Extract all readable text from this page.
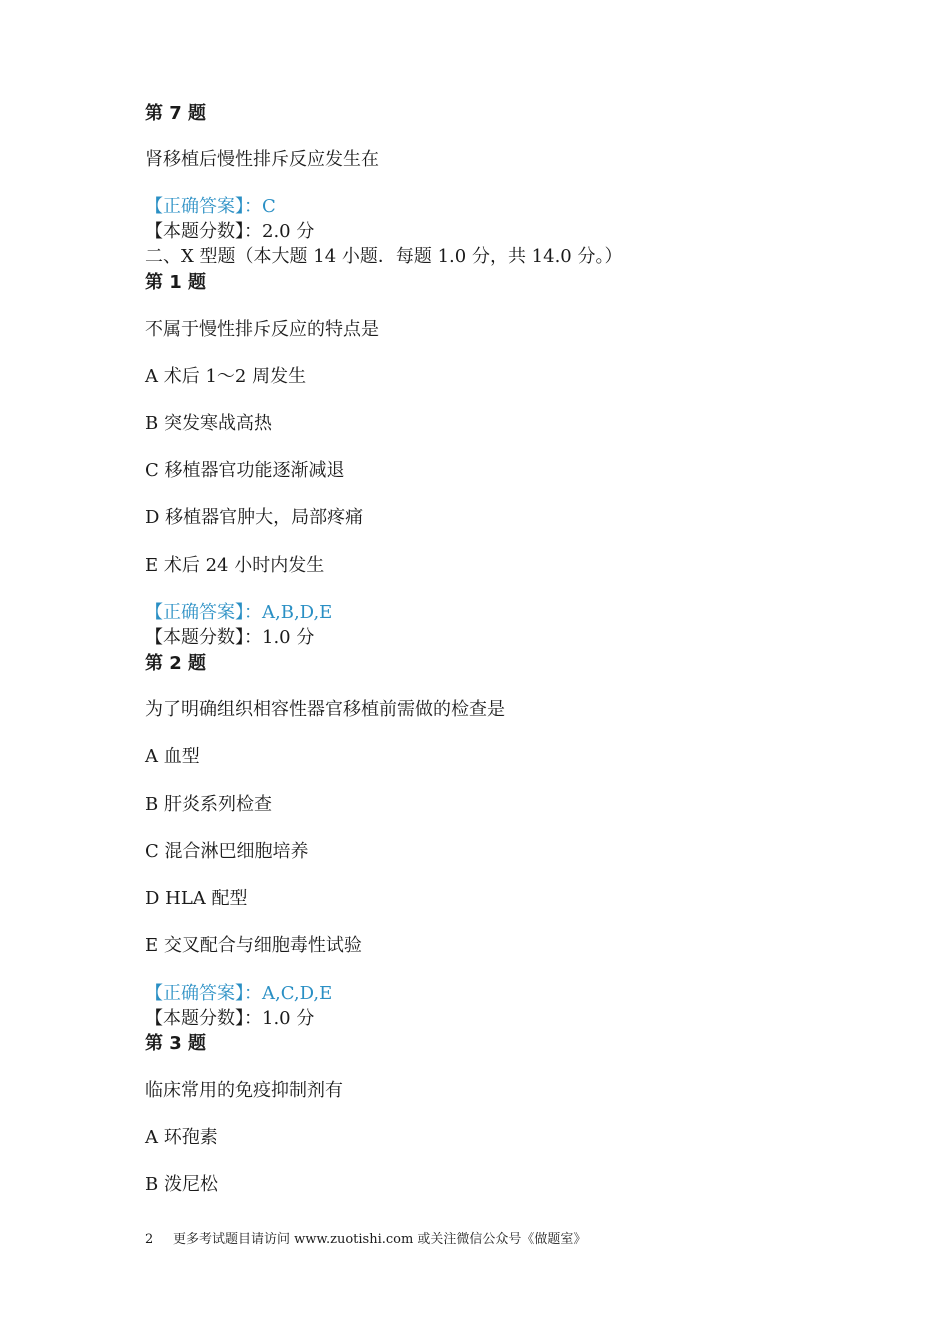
第 7 题
肾移植后慢性排斥反应发生在
【正确答案】：C
【本题分数】：2.0 分
二、X 型题（本大题 14 小题．每题 1.0 分，共 14.0 分。）
第 1 题
不属于慢性排斥反应的特点是
A 术后 1～2 周发生
B 突发寒战高热
C 移植器官功能逐渐减退
D 移植器官肿大，局部疼痛
E 术后 24 小时内发生
【正确答案】：A,B,D,E
【本题分数】：1.0 分
第 2 题
为了明确组织相容性器官移植前需做的检查是
A 血型
B 肝炎系列检查
C 混合淋巴细胞培养
D HLA 配型
E 交叉配合与细胞毒性试验
【正确答案】：A,C,D,E
【本题分数】：1.0 分
第 3 题
临床常用的免疫抑制剂有
A 环孢素
B 泼尼松
2 更多考试题目请访问 www.zuotishi.com 或关注微信公众号《做题室》
